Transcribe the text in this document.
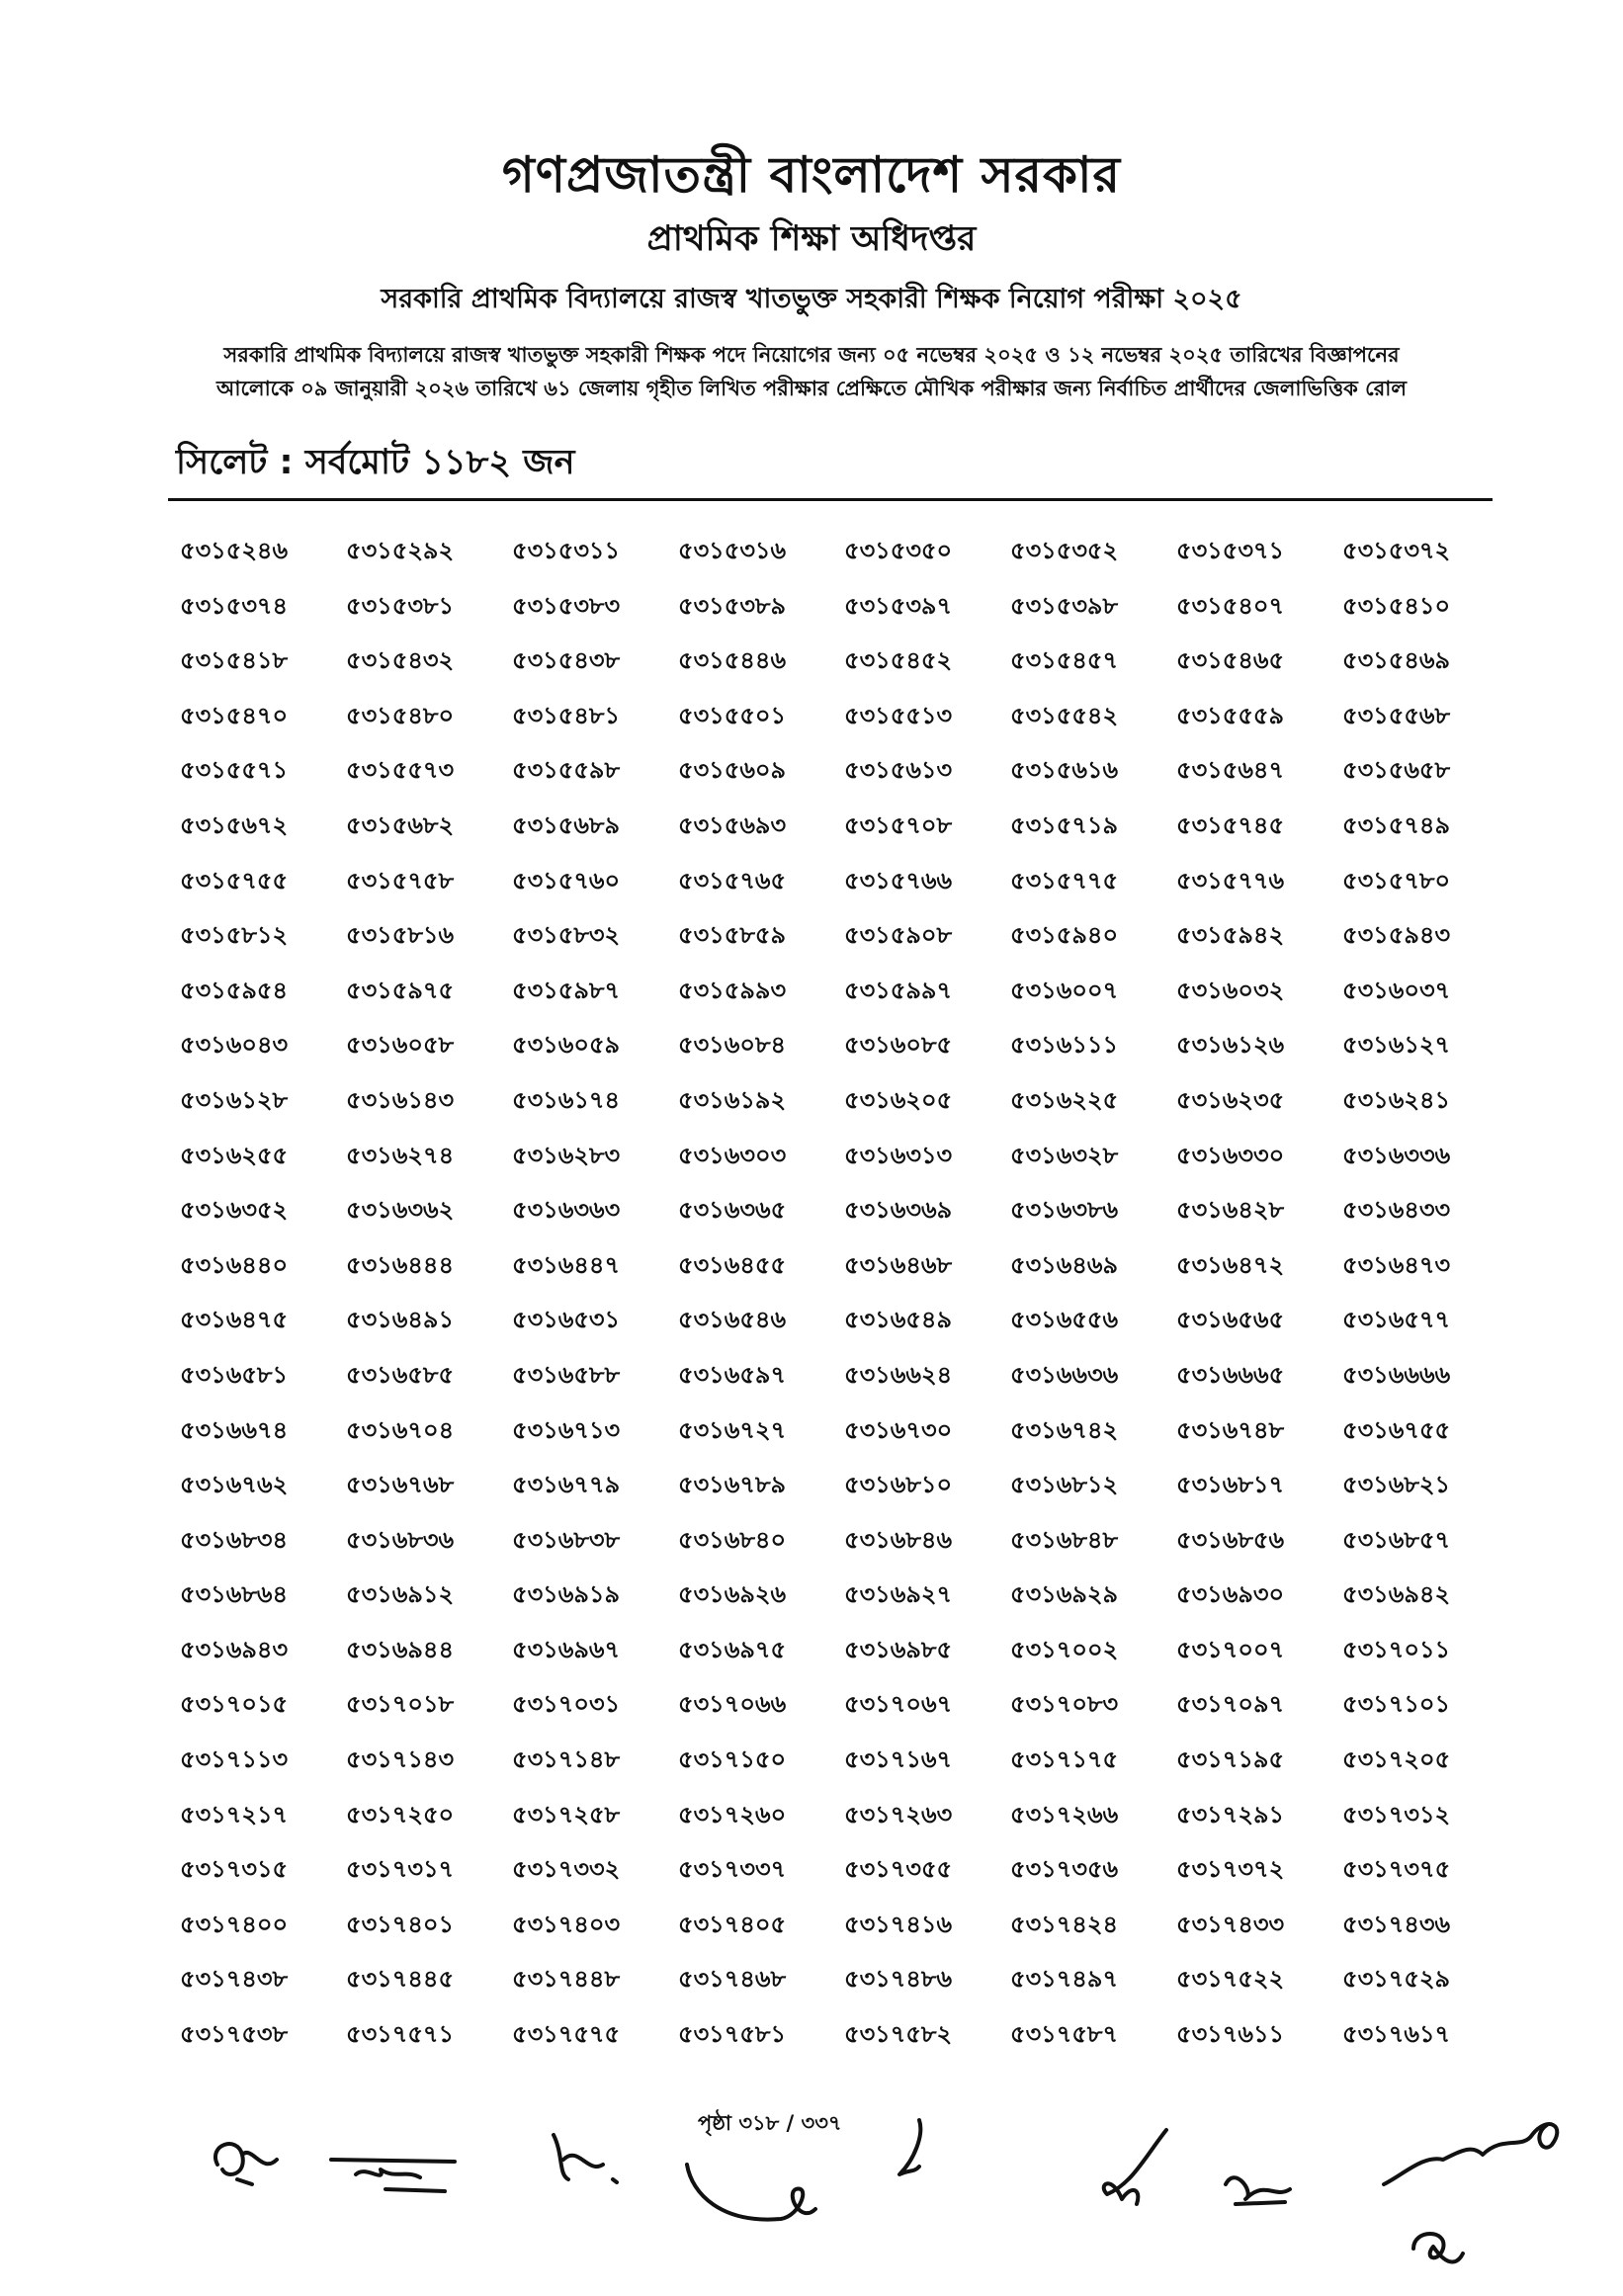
গণপ্রজাতন্ত্রী বাংলাদেশ সরকার
প্রাথমিক শিক্ষা অধিদপ্তর
সরকারি প্রাথমিক বিদ্যালয়ে রাজস্ব খাতভুক্ত সহকারী শিক্ষক নিয়োগ পরীক্ষা ২০২৫
সরকারি প্রাথমিক বিদ্যালয়ে রাজস্ব খাতভুক্ত সহকারী শিক্ষক পদে নিয়োগের জন্য ০৫ নভেম্বর ২০২৫ ও ১২ নভেম্বর ২০২৫ তারিখের বিজ্ঞাপনের
আলোকে ০৯ জানুয়ারী ২০২৬ তারিখে ৬১ জেলায় গৃহীত লিখিত পরীক্ষার প্রেক্ষিতে মৌখিক পরীক্ষার জন্য নির্বাচিত প্রার্থীদের জেলাভিত্তিক রোল
সিলেট : সর্বমোট ১১৮২ জন
৫৩১৫২৪৬	৫৩১৫২৯২	৫৩১৫৩১১	৫৩১৫৩১৬	৫৩১৫৩৫০	৫৩১৫৩৫২	৫৩১৫৩৭১	৫৩১৫৩৭২
৫৩১৫৩৭৪	৫৩১৫৩৮১	৫৩১৫৩৮৩	৫৩১৫৩৮৯	৫৩১৫৩৯৭	৫৩১৫৩৯৮	৫৩১৫৪০৭	৫৩১৫৪১০
৫৩১৫৪১৮	৫৩১৫৪৩২	৫৩১৫৪৩৮	৫৩১৫৪৪৬	৫৩১৫৪৫২	৫৩১৫৪৫৭	৫৩১৫৪৬৫	৫৩১৫৪৬৯
৫৩১৫৪৭০	৫৩১৫৪৮০	৫৩১৫৪৮১	৫৩১৫৫০১	৫৩১৫৫১৩	৫৩১৫৫৪২	৫৩১৫৫৫৯	৫৩১৫৫৬৮
৫৩১৫৫৭১	৫৩১৫৫৭৩	৫৩১৫৫৯৮	৫৩১৫৬০৯	৫৩১৫৬১৩	৫৩১৫৬১৬	৫৩১৫৬৪৭	৫৩১৫৬৫৮
৫৩১৫৬৭২	৫৩১৫৬৮২	৫৩১৫৬৮৯	৫৩১৫৬৯৩	৫৩১৫৭০৮	৫৩১৫৭১৯	৫৩১৫৭৪৫	৫৩১৫৭৪৯
৫৩১৫৭৫৫	৫৩১৫৭৫৮	৫৩১৫৭৬০	৫৩১৫৭৬৫	৫৩১৫৭৬৬	৫৩১৫৭৭৫	৫৩১৫৭৭৬	৫৩১৫৭৮০
৫৩১৫৮১২	৫৩১৫৮১৬	৫৩১৫৮৩২	৫৩১৫৮৫৯	৫৩১৫৯০৮	৫৩১৫৯৪০	৫৩১৫৯৪২	৫৩১৫৯৪৩
৫৩১৫৯৫৪	৫৩১৫৯৭৫	৫৩১৫৯৮৭	৫৩১৫৯৯৩	৫৩১৫৯৯৭	৫৩১৬০০৭	৫৩১৬০৩২	৫৩১৬০৩৭
৫৩১৬০৪৩	৫৩১৬০৫৮	৫৩১৬০৫৯	৫৩১৬০৮৪	৫৩১৬০৮৫	৫৩১৬১১১	৫৩১৬১২৬	৫৩১৬১২৭
৫৩১৬১২৮	৫৩১৬১৪৩	৫৩১৬১৭৪	৫৩১৬১৯২	৫৩১৬২০৫	৫৩১৬২২৫	৫৩১৬২৩৫	৫৩১৬২৪১
৫৩১৬২৫৫	৫৩১৬২৭৪	৫৩১৬২৮৩	৫৩১৬৩০৩	৫৩১৬৩১৩	৫৩১৬৩২৮	৫৩১৬৩৩০	৫৩১৬৩৩৬
৫৩১৬৩৫২	৫৩১৬৩৬২	৫৩১৬৩৬৩	৫৩১৬৩৬৫	৫৩১৬৩৬৯	৫৩১৬৩৮৬	৫৩১৬৪২৮	৫৩১৬৪৩৩
৫৩১৬৪৪০	৫৩১৬৪৪৪	৫৩১৬৪৪৭	৫৩১৬৪৫৫	৫৩১৬৪৬৮	৫৩১৬৪৬৯	৫৩১৬৪৭২	৫৩১৬৪৭৩
৫৩১৬৪৭৫	৫৩১৬৪৯১	৫৩১৬৫৩১	৫৩১৬৫৪৬	৫৩১৬৫৪৯	৫৩১৬৫৫৬	৫৩১৬৫৬৫	৫৩১৬৫৭৭
৫৩১৬৫৮১	৫৩১৬৫৮৫	৫৩১৬৫৮৮	৫৩১৬৫৯৭	৫৩১৬৬২৪	৫৩১৬৬৩৬	৫৩১৬৬৬৫	৫৩১৬৬৬৬
৫৩১৬৬৭৪	৫৩১৬৭০৪	৫৩১৬৭১৩	৫৩১৬৭২৭	৫৩১৬৭৩০	৫৩১৬৭৪২	৫৩১৬৭৪৮	৫৩১৬৭৫৫
৫৩১৬৭৬২	৫৩১৬৭৬৮	৫৩১৬৭৭৯	৫৩১৬৭৮৯	৫৩১৬৮১০	৫৩১৬৮১২	৫৩১৬৮১৭	৫৩১৬৮২১
৫৩১৬৮৩৪	৫৩১৬৮৩৬	৫৩১৬৮৩৮	৫৩১৬৮৪০	৫৩১৬৮৪৬	৫৩১৬৮৪৮	৫৩১৬৮৫৬	৫৩১৬৮৫৭
৫৩১৬৮৬৪	৫৩১৬৯১২	৫৩১৬৯১৯	৫৩১৬৯২৬	৫৩১৬৯২৭	৫৩১৬৯২৯	৫৩১৬৯৩০	৫৩১৬৯৪২
৫৩১৬৯৪৩	৫৩১৬৯৪৪	৫৩১৬৯৬৭	৫৩১৬৯৭৫	৫৩১৬৯৮৫	৫৩১৭০০২	৫৩১৭০০৭	৫৩১৭০১১
৫৩১৭০১৫	৫৩১৭০১৮	৫৩১৭০৩১	৫৩১৭০৬৬	৫৩১৭০৬৭	৫৩১৭০৮৩	৫৩১৭০৯৭	৫৩১৭১০১
৫৩১৭১১৩	৫৩১৭১৪৩	৫৩১৭১৪৮	৫৩১৭১৫০	৫৩১৭১৬৭	৫৩১৭১৭৫	৫৩১৭১৯৫	৫৩১৭২০৫
৫৩১৭২১৭	৫৩১৭২৫০	৫৩১৭২৫৮	৫৩১৭২৬০	৫৩১৭২৬৩	৫৩১৭২৬৬	৫৩১৭২৯১	৫৩১৭৩১২
৫৩১৭৩১৫	৫৩১৭৩১৭	৫৩১৭৩৩২	৫৩১৭৩৩৭	৫৩১৭৩৫৫	৫৩১৭৩৫৬	৫৩১৭৩৭২	৫৩১৭৩৭৫
৫৩১৭৪০০	৫৩১৭৪০১	৫৩১৭৪০৩	৫৩১৭৪০৫	৫৩১৭৪১৬	৫৩১৭৪২৪	৫৩১৭৪৩৩	৫৩১৭৪৩৬
৫৩১৭৪৩৮	৫৩১৭৪৪৫	৫৩১৭৪৪৮	৫৩১৭৪৬৮	৫৩১৭৪৮৬	৫৩১৭৪৯৭	৫৩১৭৫২২	৫৩১৭৫২৯
৫৩১৭৫৩৮	৫৩১৭৫৭১	৫৩১৭৫৭৫	৫৩১৭৫৮১	৫৩১৭৫৮২	৫৩১৭৫৮৭	৫৩১৭৬১১	৫৩১৭৬১৭
পৃষ্ঠা ৩১৮ / ৩৩৭
